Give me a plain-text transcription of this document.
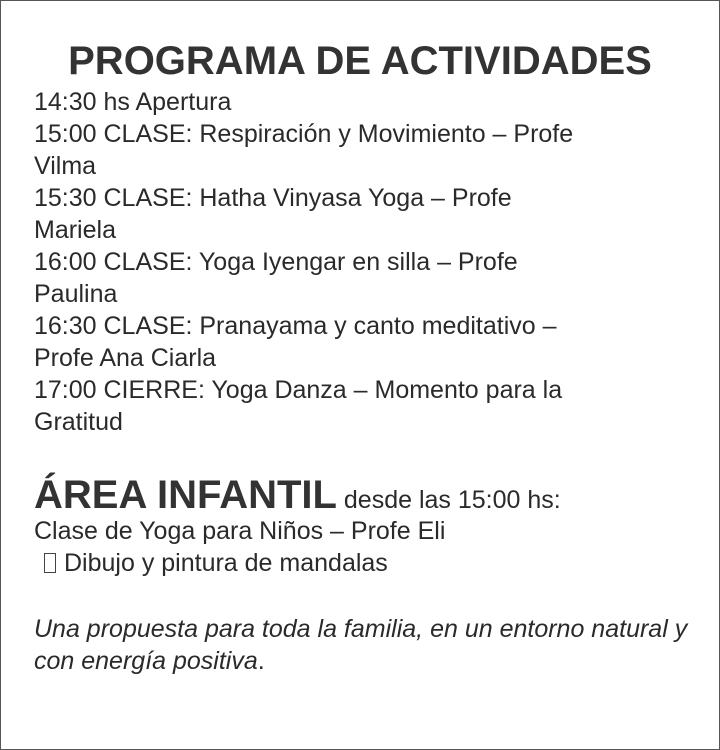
PROGRAMA DE ACTIVIDADES
14:30 hs Apertura
15:00 CLASE: Respiración y Movimiento – Profe
Vilma
15:30 CLASE: Hatha Vinyasa Yoga – Profe
Mariela
16:00 CLASE: Yoga Iyengar en silla – Profe
Paulina
16:30 CLASE: Pranayama y canto meditativo –
Profe Ana Ciarla
17:00 CIERRE: Yoga Danza – Momento para la
Gratitud
ÁREA INFANTIL desde las 15:00 hs:
Clase de Yoga para Niños – Profe Eli
Dibujo y pintura de mandalas
Una propuesta para toda la familia, en un entorno natural y con energía positiva.
